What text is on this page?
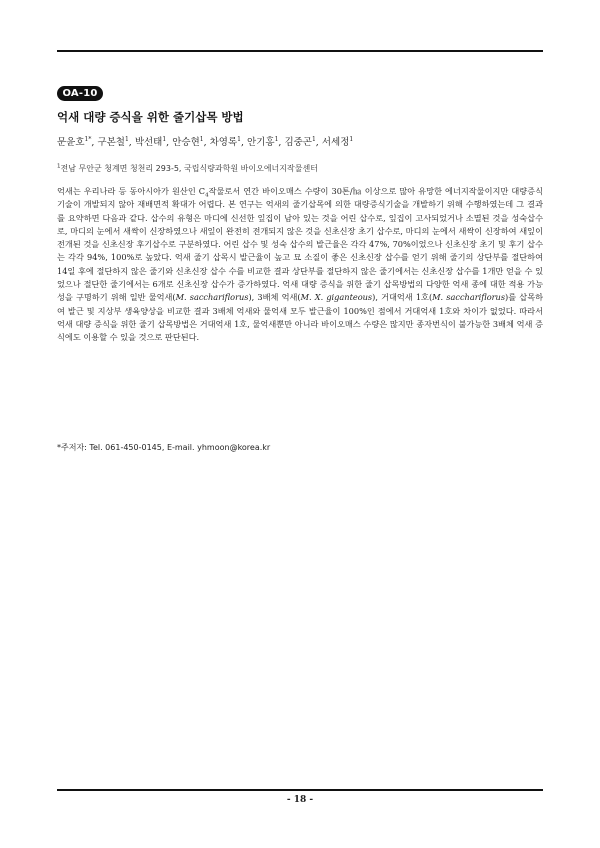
OA-10
억새 대량 증식을 위한 줄기삽목 방법
문윤호$^{1*}$, 구본철$^1$, 박선태$^1$, 안승현$^1$, 차영록$^1$, 안기홍$^1$, 김중곤$^1$, 서세정$^1$
$^1$전남 무안군 청계면 청천리 293-5, 국립식량과학원 바이오에너지작물센터

억새는 우리나라 등 동아시아가 원산인 $C_4$작물로서 연간 바이오매스 수량이 30톤/㏊ 이상으로 많아 유망한 에너지작물이지만 대량증식기술이 개발되지 않아 재배면적 확대가 어렵다. 본 연구는 억새의 줄기삽목에 의한 대량증식기술을 개발하기 위해 수행하였는데 그 결과를 요약하면 다음과 같다. 삽수의 유형은 마디에 신선한 잎집이 남아 있는 것을 어린 삽수로, 잎집이 고사되었거나 소멸된 것을 성숙삽수로, 마디의 눈에서 새싹이 신장하였으나 새잎이 완전히 전개되지 않은 것을 신초신장 초기 삽수로, 마디의 눈에서 새싹이 신장하여 새잎이 전개된 것을 신초신장 후기삽수로 구분하였다. 어린 삽수 및 성숙 삽수의 발근율은 각각 47%, 70%이었으나 신초신장 초기 및 후기 삽수는 각각 94%, 100%로 높았다. 억새 줄기 삽목시 발근율이 높고 묘 소질이 좋은 신초신장 삽수를 얻기 위해 줄기의 상단부를 절단하여 14일 후에 절단하지 않은 줄기와 신초신장 삽수 수를 비교한 결과 상단부를 절단하지 않은 줄기에서는 신초신장 삽수를 1개만 얻을 수 있었으나 절단한 줄기에서는 6개로 신초신장 삽수가 증가하였다. 억새 대량 증식을 위한 줄기 삽목방법의 다양한 억새 종에 대한 적용 가능성을 구명하기 위해 일반 물억새(M. sacchariflorus), 3배체 억새(M. X. giganteous), 거대억새 1호(M. sacchariflorus)를 삽목하여 발근 및 지상부 생육양상을 비교한 결과 3배체 억새와 물억새 모두 발근율이 100%인 점에서 거대억새 1호와 차이가 없었다. 따라서 억새 대량 증식을 위한 줄기 삽목방법은 거대억새 1호, 물억새뿐만 아니라 바이오매스 수량은 많지만 종자번식이 불가능한 3배체 억새 증식에도 이용할 수 있을 것으로 판단된다.

*주저자: Tel. 061-450-0145, E-mail. yhmoon@korea.kr
- 18 -
